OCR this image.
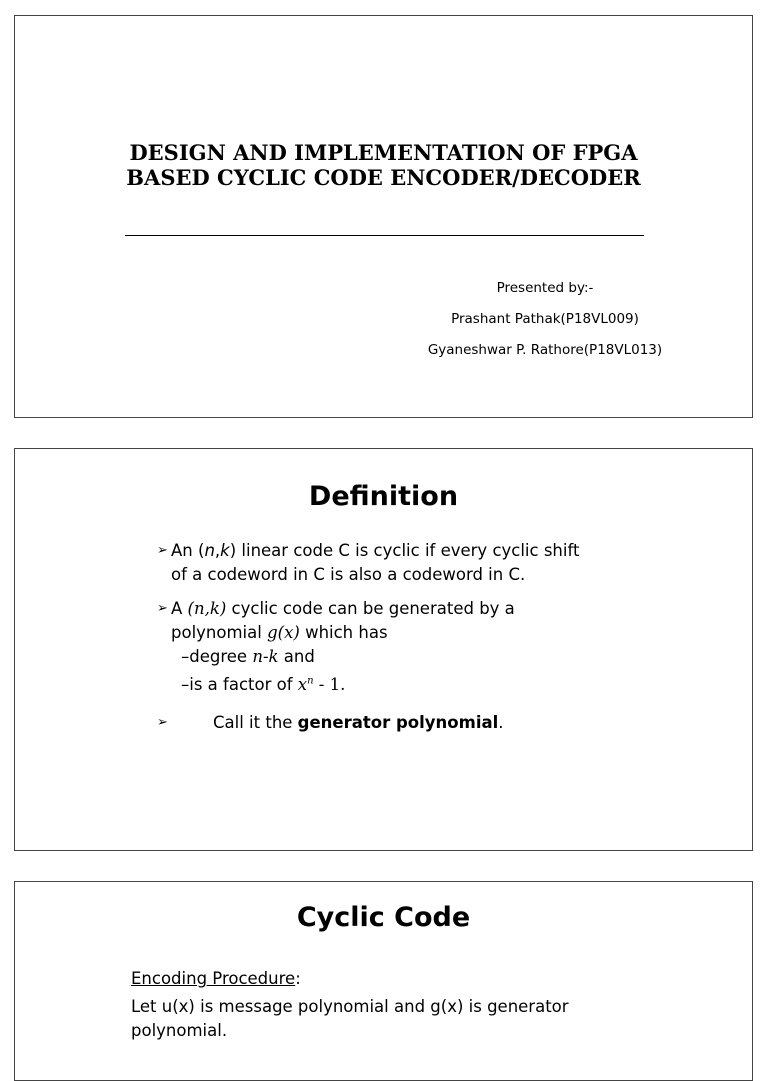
DESIGN AND IMPLEMENTATION OF FPGA
BASED CYCLIC CODE ENCODER/DECODER
Presented by:-
Prashant Pathak(P18VL009)
Gyaneshwar P. Rathore(P18VL013)
Definition
➢ An (n,k) linear code C is cyclic if every cyclic shift
of a codeword in C is also a codeword in C.
➢ A (n,k) cyclic code can be generated by a
polynomial g(x) which has
–degree n-k and
–is a factor of $x^n - 1$.
➢	Call it the generator polynomial.
Cyclic Code
Encoding Procedure:
Let u(x) is message polynomial and g(x) is generator
polynomial.
